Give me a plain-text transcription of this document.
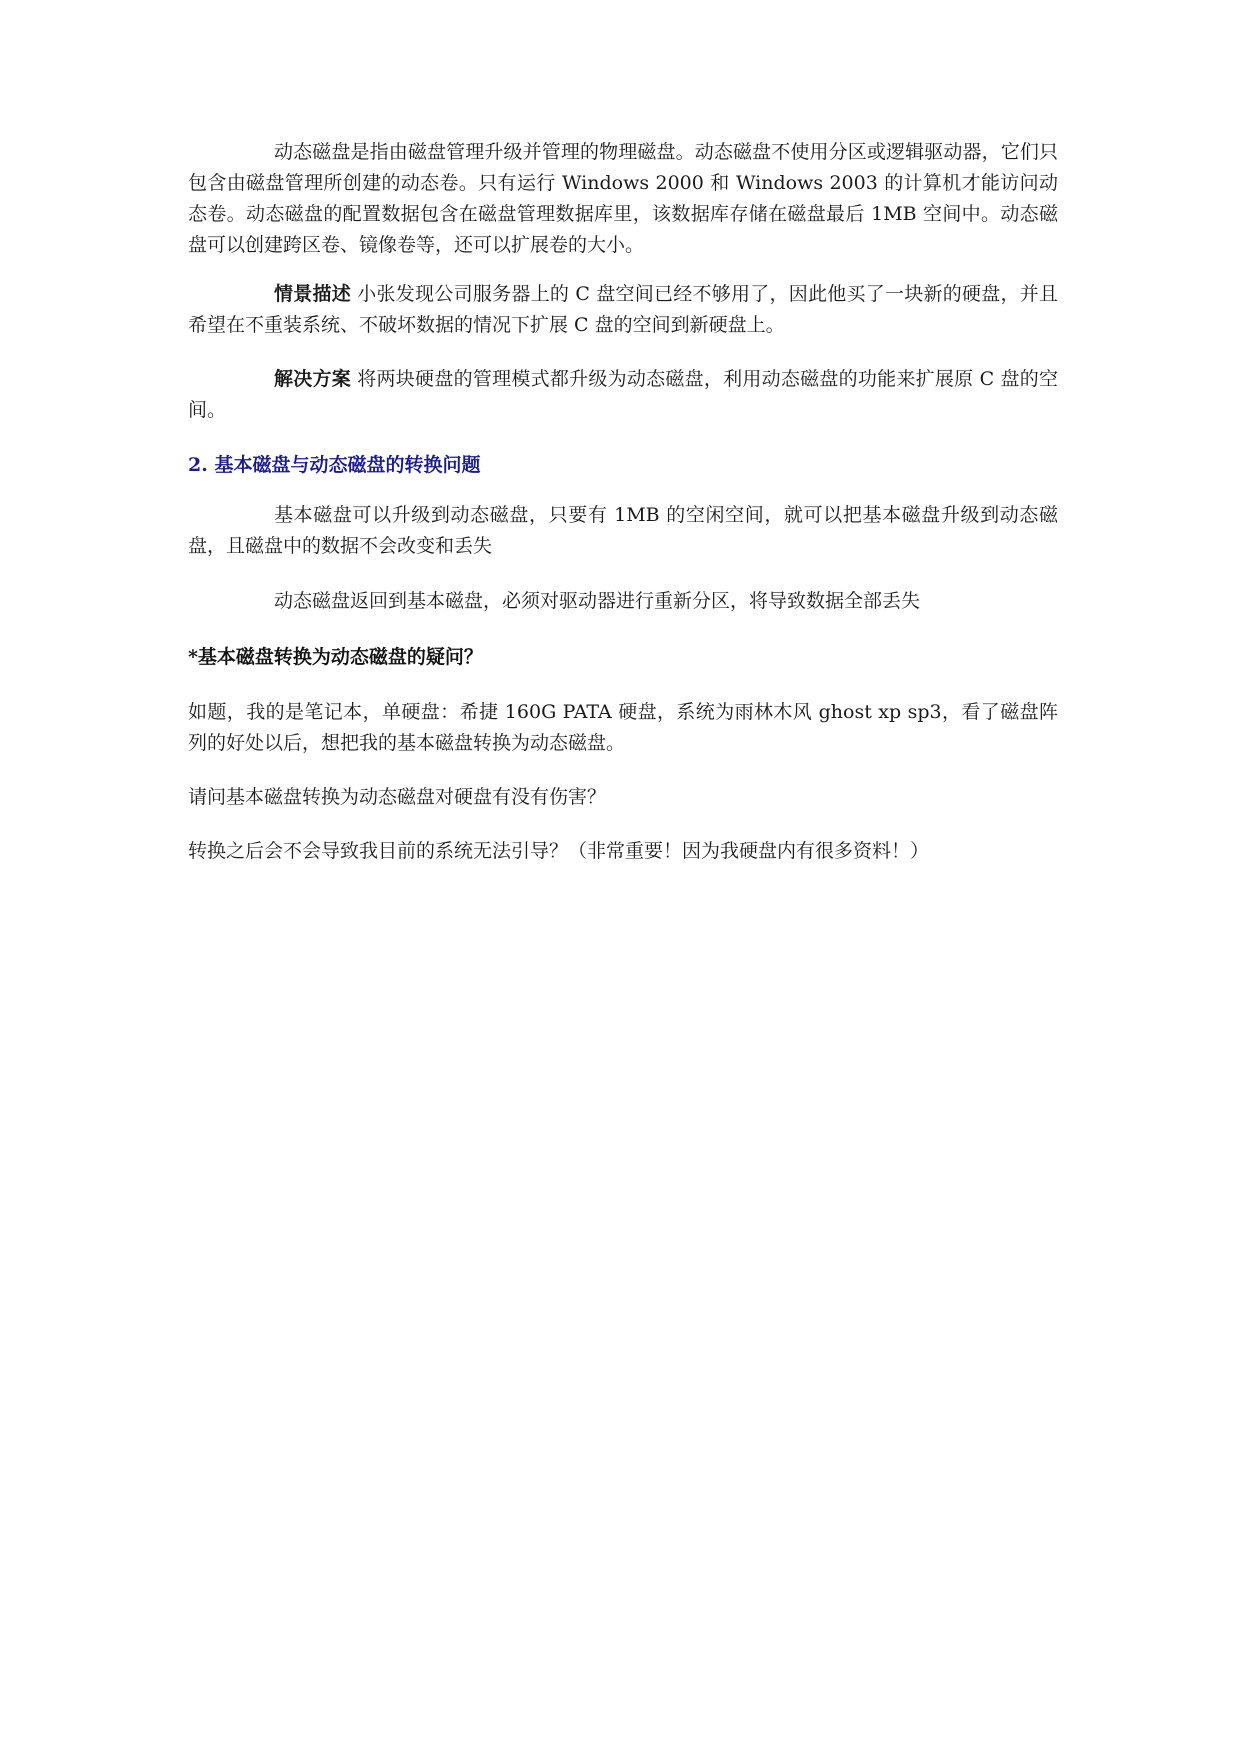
动态磁盘是指由磁盘管理升级并管理的物理磁盘。动态磁盘不使用分区或逻辑驱动器，它们只包含由磁盘管理所创建的动态卷。只有运行 Windows 2000 和 Windows 2003 的计算机才能访问动态卷。动态磁盘的配置数据包含在磁盘管理数据库里，该数据库存储在磁盘最后 1MB 空间中。动态磁盘可以创建跨区卷、镜像卷等，还可以扩展卷的大小。

情景描述 小张发现公司服务器上的 C 盘空间已经不够用了，因此他买了一块新的硬盘，并且希望在不重装系统、不破坏数据的情况下扩展 C 盘的空间到新硬盘上。

解决方案 将两块硬盘的管理模式都升级为动态磁盘，利用动态磁盘的功能来扩展原 C 盘的空间。

2. 基本磁盘与动态磁盘的转换问题

基本磁盘可以升级到动态磁盘，只要有 1MB 的空闲空间，就可以把基本磁盘升级到动态磁盘，且磁盘中的数据不会改变和丢失

动态磁盘返回到基本磁盘，必须对驱动器进行重新分区，将导致数据全部丢失

*基本磁盘转换为动态磁盘的疑问？

如题，我的是笔记本，单硬盘：希捷 160G PATA 硬盘，系统为雨林木风 ghost xp sp3，看了磁盘阵列的好处以后，想把我的基本磁盘转换为动态磁盘。

请问基本磁盘转换为动态磁盘对硬盘有没有伤害？

转换之后会不会导致我目前的系统无法引导？（非常重要！因为我硬盘内有很多资料！）
